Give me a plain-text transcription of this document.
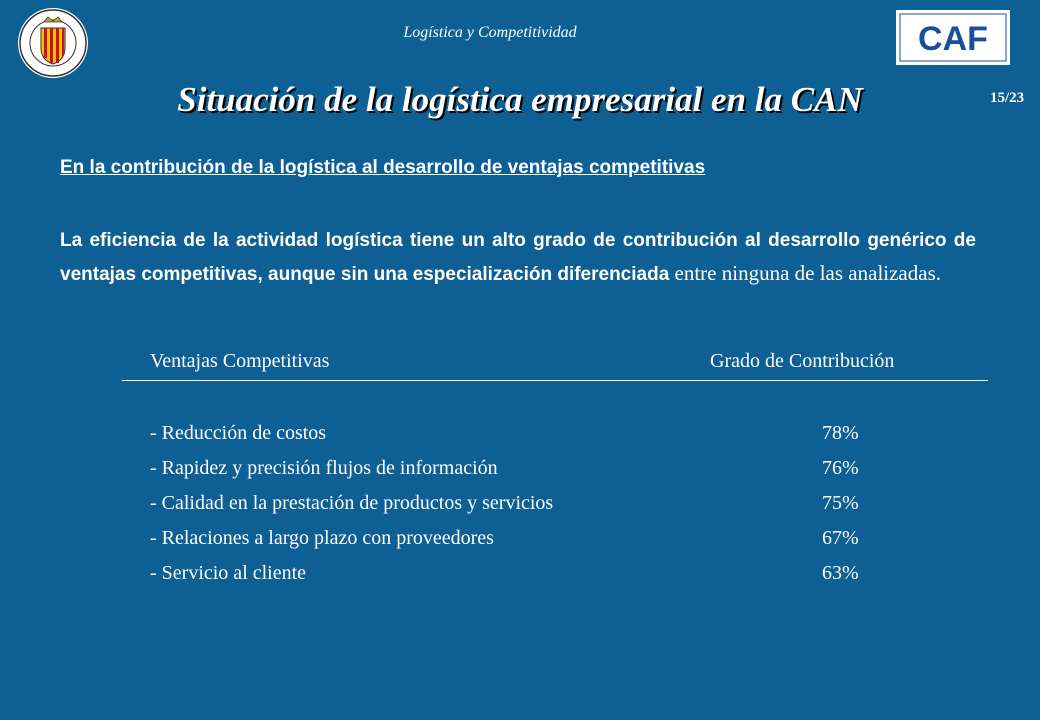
Logística y Competitividad	CAF
15/23
Situación de la logística empresarial en la CAN
En la contribución de la logística al desarrollo de ventajas competitivas
La eficiencia de la actividad logística tiene un alto grado de contribución al desarrollo genérico de ventajas competitivas, aunque sin una especialización diferenciada entre ninguna de las analizadas.
Ventajas Competitivas	Grado de Contribución
- Reducción de costos	78%
- Rapidez y precisión flujos de información	76%
- Calidad en la prestación de productos y servicios	75%
- Relaciones a largo plazo con proveedores	67%
- Servicio al cliente	63%
